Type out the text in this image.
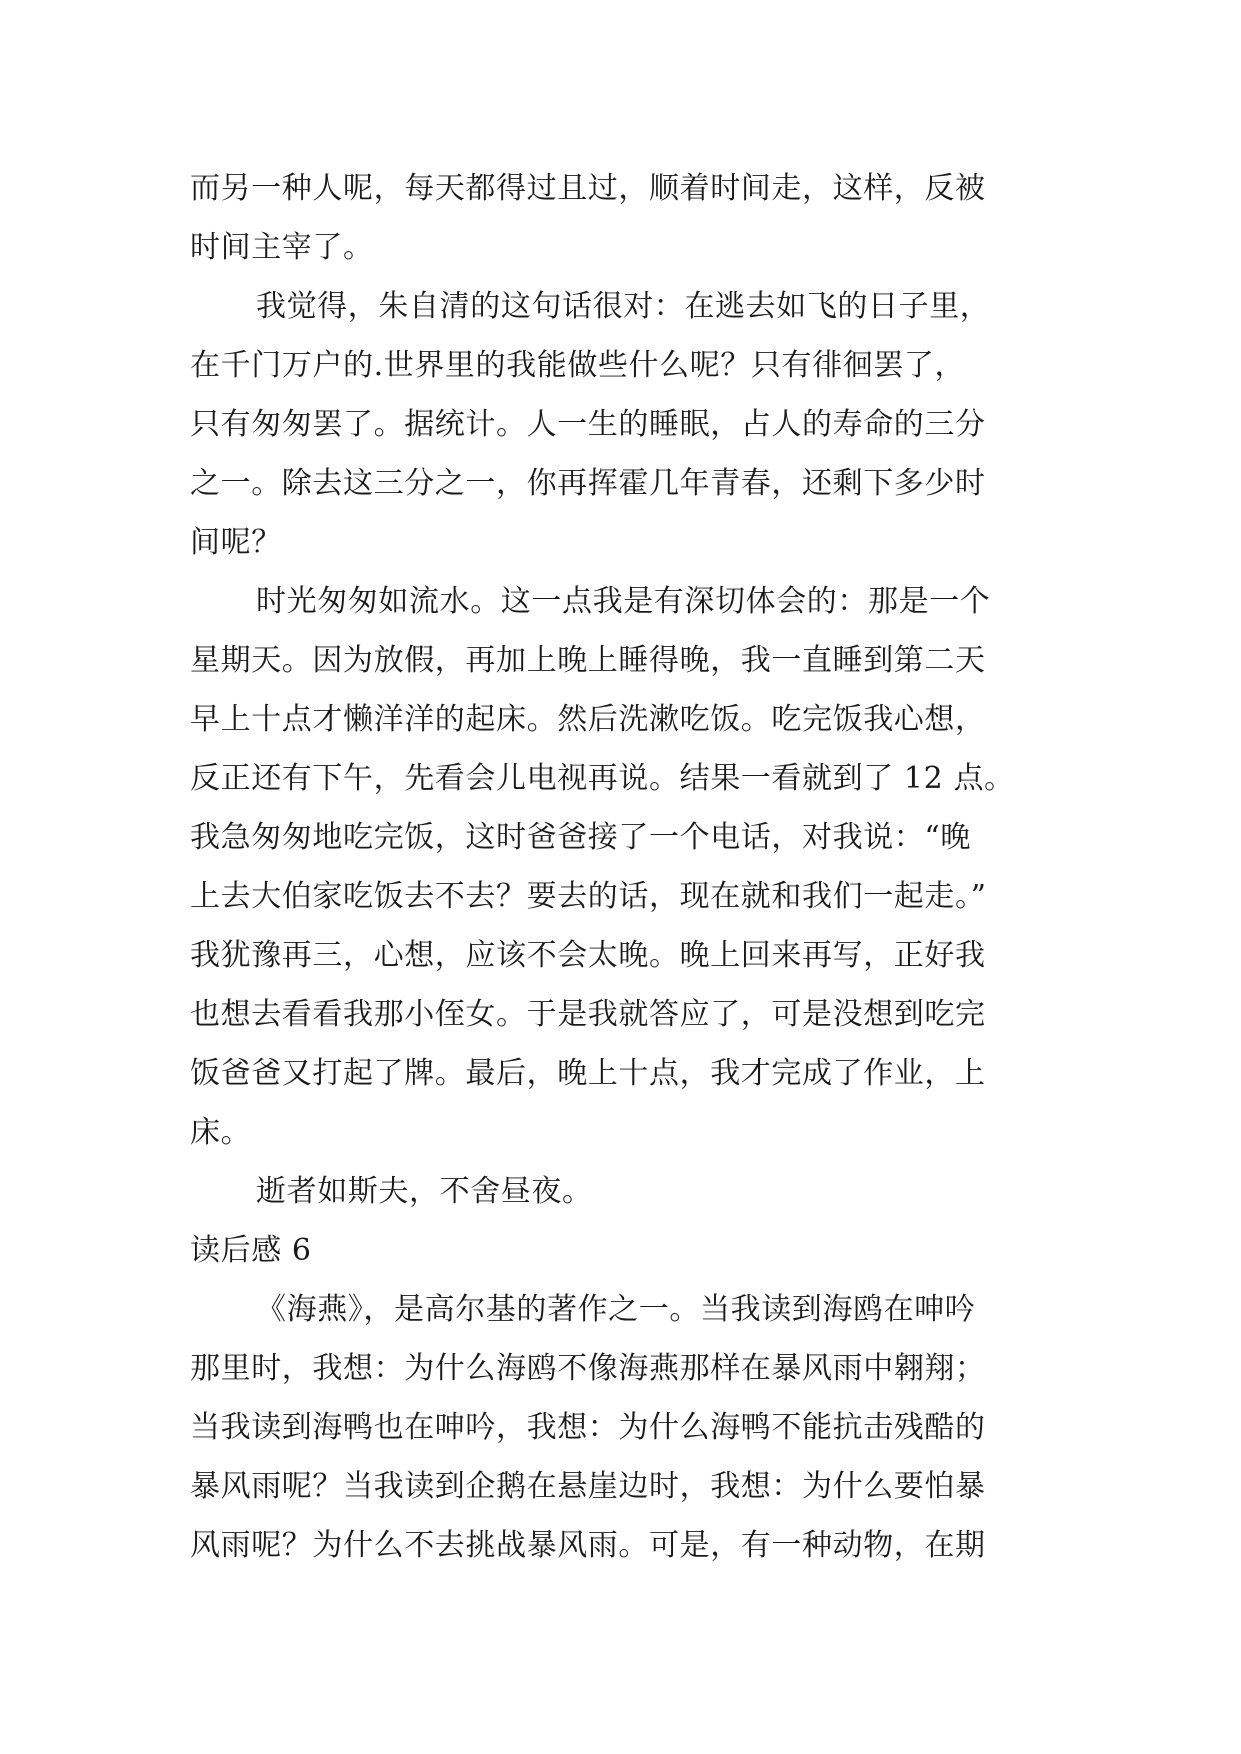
而另一种人呢，每天都得过且过，顺着时间走，这样，反被
时间主宰了。
我觉得，朱自清的这句话很对：在逃去如飞的日子里，
在千门万户的.世界里的我能做些什么呢？只有徘徊罢了，
只有匆匆罢了。据统计。人一生的睡眠，占人的寿命的三分
之一。除去这三分之一，你再挥霍几年青春，还剩下多少时
间呢？
时光匆匆如流水。这一点我是有深切体会的：那是一个
星期天。因为放假，再加上晚上睡得晚，我一直睡到第二天
早上十点才懒洋洋的起床。然后洗漱吃饭。吃完饭我心想，
反正还有下午，先看会儿电视再说。结果一看就到了 12 点。
我急匆匆地吃完饭，这时爸爸接了一个电话，对我说：“晚
上去大伯家吃饭去不去？要去的话，现在就和我们一起走。”
我犹豫再三，心想，应该不会太晚。晚上回来再写，正好我
也想去看看我那小侄女。于是我就答应了，可是没想到吃完
饭爸爸又打起了牌。最后，晚上十点，我才完成了作业，上
床。
逝者如斯夫，不舍昼夜。
读后感 6
《海燕》，是高尔基的著作之一。当我读到海鸥在呻吟
那里时，我想：为什么海鸥不像海燕那样在暴风雨中翱翔；
当我读到海鸭也在呻吟，我想：为什么海鸭不能抗击残酷的
暴风雨呢？当我读到企鹅在悬崖边时，我想：为什么要怕暴
风雨呢？为什么不去挑战暴风雨。可是，有一种动物，在期
